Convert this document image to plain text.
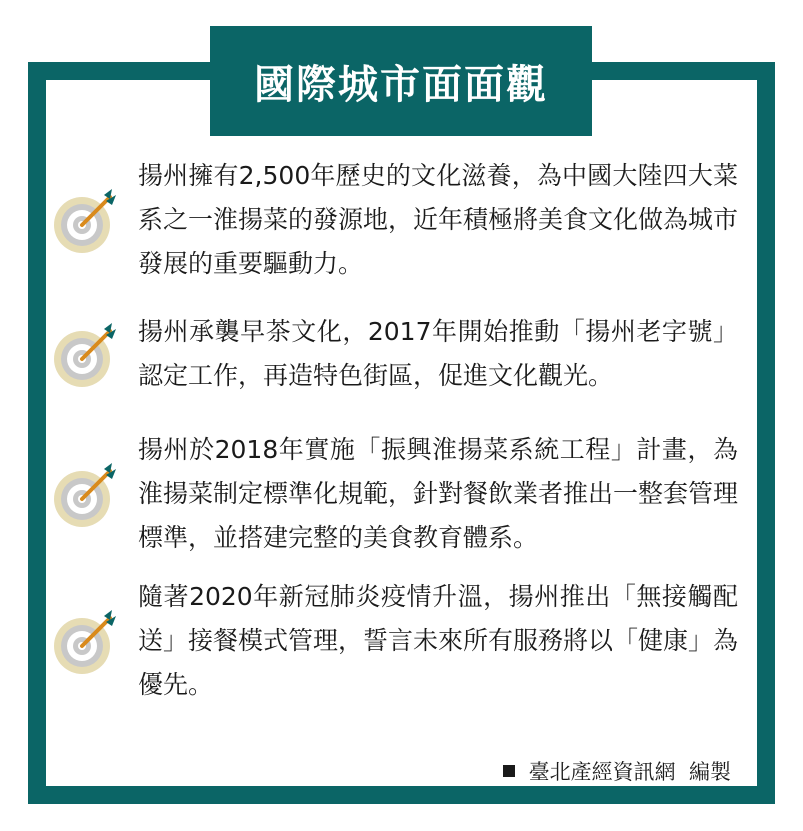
國際城市面面觀
揚州擁有2,500年歷史的文化滋養，為中國大陸四大菜系之一淮揚菜的發源地，近年積極將美食文化做為城市發展的重要驅動力。
揚州承襲早茶文化，2017年開始推動「揚州老字號」認定工作，再造特色街區，促進文化觀光。
揚州於2018年實施「振興淮揚菜系統工程」計畫，為淮揚菜制定標準化規範，針對餐飲業者推出一整套管理標準，並搭建完整的美食教育體系。
隨著2020年新冠肺炎疫情升溫，揚州推出「無接觸配送」接餐模式管理，誓言未來所有服務將以「健康」為優先。
臺北產經資訊網  編製
